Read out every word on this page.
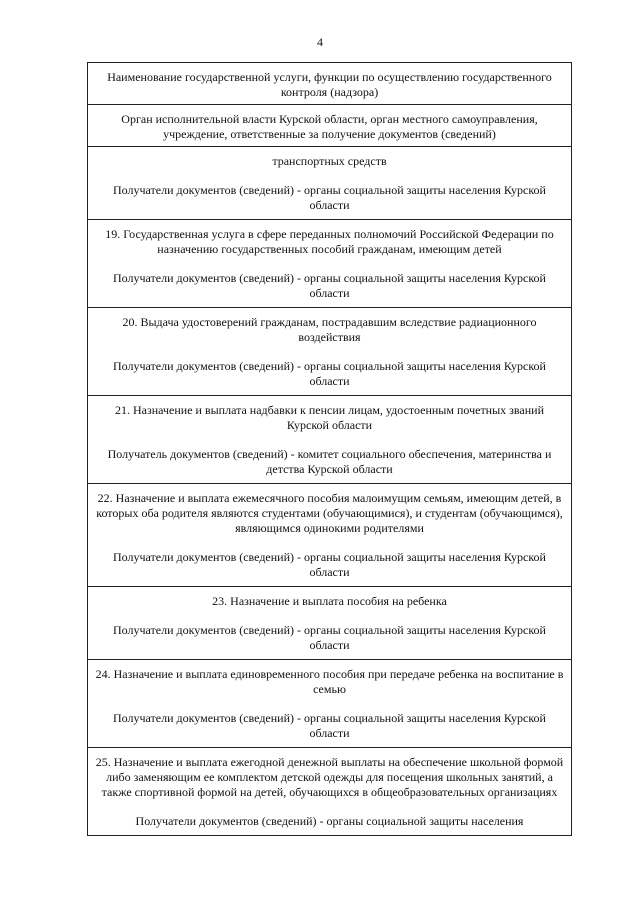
4

Наименование государственной услуги, функции по осуществлению государственного контроля (надзора)

Орган исполнительной власти Курской области, орган местного самоуправления, учреждение, ответственные за получение документов (сведений)

транспортных средств

Получатели документов (сведений) - органы социальной защиты населения Курской области

19. Государственная услуга в сфере переданных полномочий Российской Федерации по назначению государственных пособий гражданам, имеющим детей

Получатели документов (сведений) - органы социальной защиты населения Курской области

20. Выдача удостоверений гражданам, пострадавшим вследствие радиационного воздействия

Получатели документов (сведений) - органы социальной защиты населения Курской области

21. Назначение и выплата надбавки к пенсии лицам, удостоенным почетных званий Курской области

Получатель документов (сведений) - комитет социального обеспечения, материнства и детства Курской области

22. Назначение и выплата ежемесячного пособия малоимущим семьям, имеющим детей, в которых оба родителя являются студентами (обучающимися), и студентам (обучающимся), являющимся одинокими родителями

Получатели документов (сведений) - органы социальной защиты населения Курской области

23. Назначение и выплата пособия на ребенка

Получатели документов (сведений) - органы социальной защиты населения Курской области

24. Назначение и выплата единовременного пособия при передаче ребенка на воспитание в семью

Получатели документов (сведений) - органы социальной защиты населения Курской области

25. Назначение и выплата ежегодной денежной выплаты на обеспечение школьной формой либо заменяющим ее комплектом детской одежды для посещения школьных занятий, а также спортивной формой на детей, обучающихся в общеобразовательных организациях

Получатели документов (сведений) - органы социальной защиты населения
